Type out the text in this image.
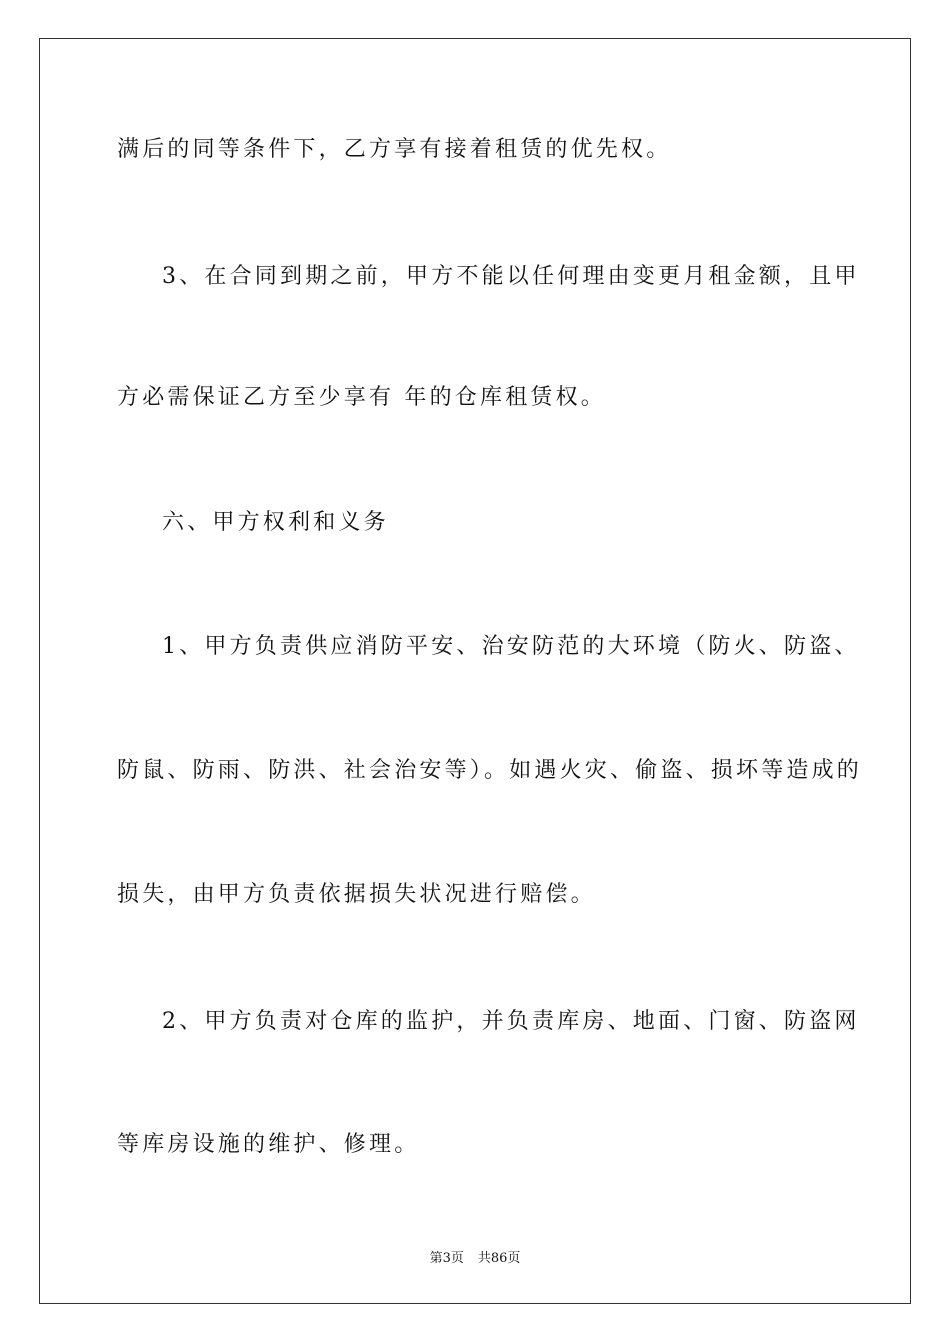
满后的同等条件下，乙方享有接着租赁的优先权。
3、在合同到期之前，甲方不能以任何理由变更月租金额，且甲
方必需保证乙方至少享有 年的仓库租赁权。
六、甲方权利和义务
1、甲方负责供应消防平安、治安防范的大环境（防火、防盗、
防鼠、防雨、防洪、社会治安等）。如遇火灾、偷盗、损坏等造成的
损失，由甲方负责依据损失状况进行赔偿。
2、甲方负责对仓库的监护，并负责库房、地面、门窗、防盗网
等库房设施的维护、修理。
第3页 共86页
